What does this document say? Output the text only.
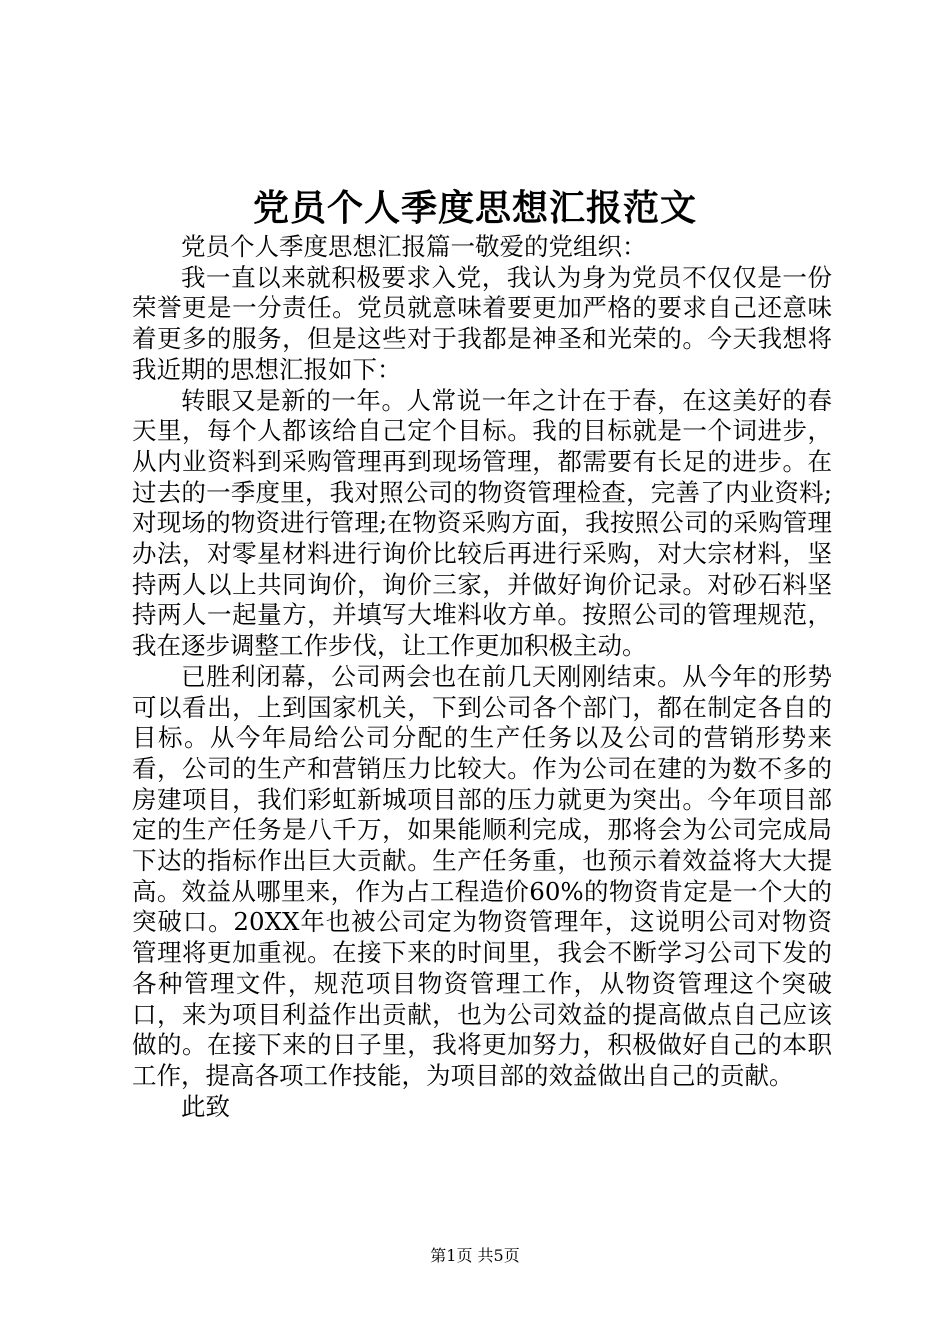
党员个人季度思想汇报范文

党员个人季度思想汇报篇一敬爱的党组织：

我一直以来就积极要求入党，我认为身为党员不仅仅是一份荣誉更是一分责任。党员就意味着要更加严格的要求自己还意味着更多的服务，但是这些对于我都是神圣和光荣的。今天我想将我近期的思想汇报如下：

转眼又是新的一年。人常说一年之计在于春，在这美好的春天里，每个人都该给自己定个目标。我的目标就是一个词进步，从内业资料到采购管理再到现场管理，都需要有长足的进步。在过去的一季度里，我对照公司的物资管理检查，完善了内业资料;对现场的物资进行管理;在物资采购方面，我按照公司的采购管理办法，对零星材料进行询价比较后再进行采购，对大宗材料，坚持两人以上共同询价，询价三家，并做好询价记录。对砂石料坚持两人一起量方，并填写大堆料收方单。按照公司的管理规范，我在逐步调整工作步伐，让工作更加积极主动。

已胜利闭幕，公司两会也在前几天刚刚结束。从今年的形势可以看出，上到国家机关，下到公司各个部门，都在制定各自的目标。从今年局给公司分配的生产任务以及公司的营销形势来看，公司的生产和营销压力比较大。作为公司在建的为数不多的房建项目，我们彩虹新城项目部的压力就更为突出。今年项目部定的生产任务是八千万，如果能顺利完成，那将会为公司完成局下达的指标作出巨大贡献。生产任务重，也预示着效益将大大提高。效益从哪里来，作为占工程造价60%的物资肯定是一个大的突破口。20XX年也被公司定为物资管理年，这说明公司对物资管理将更加重视。在接下来的时间里，我会不断学习公司下发的各种管理文件，规范项目物资管理工作，从物资管理这个突破口，来为项目利益作出贡献，也为公司效益的提高做点自己应该做的。在接下来的日子里，我将更加努力，积极做好自己的本职工作，提高各项工作技能，为项目部的效益做出自己的贡献。

此致

第1页 共5页
